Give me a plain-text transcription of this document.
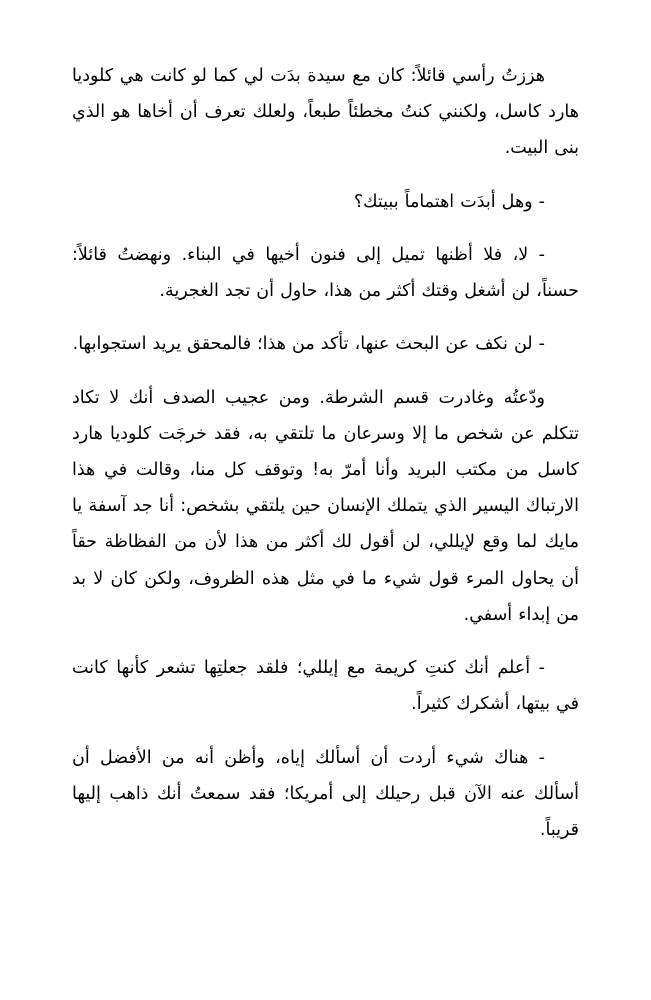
هززتُ رأسي قائلاً: كان مع سيدة بدَت لي كما لو كانت هي كلوديا هارد كاسل، ولكنني كنتُ مخطئاً طبعاً، ولعلك تعرف أن أخاها هو الذي بنى البيت.

- وهل أبدَت اهتماماً ببيتك؟

- لا، فلا أظنها تميل إلى فنون أخيها في البناء. ونهضتُ قائلاً: حسناً، لن أشغل وقتك أكثر من هذا، حاول أن تجد الغجرية.

- لن نكف عن البحث عنها، تأكد من هذا؛ فالمحقق يريد استجوابها.

ودّعتُه وغادرت قسم الشرطة. ومن عجيب الصدف أنك لا تكاد تتكلم عن شخص ما إلا وسرعان ما تلتقي به، فقد خرجَت كلوديا هارد كاسل من مكتب البريد وأنا أمرّ به! وتوقف كل منا، وقالت في هذا الارتباك اليسير الذي يتملك الإنسان حين يلتقي بشخص: أنا جد آسفة يا مايك لما وقع لإيللي، لن أقول لك أكثر من هذا لأن من الفظاظة حقاً أن يحاول المرء قول شيء ما في مثل هذه الظروف، ولكن كان لا بد من إبداء أسفي.

- أعلم أنك كنتِ كريمة مع إيللي؛ فلقد جعلتِها تشعر كأنها كانت في بيتها، أشكرك كثيراً.

- هناك شيء أردت أن أسألك إياه، وأظن أنه من الأفضل أن أسألك عنه الآن قبل رحيلك إلى أمريكا؛ فقد سمعتُ أنك ذاهب إليها قريباً.
